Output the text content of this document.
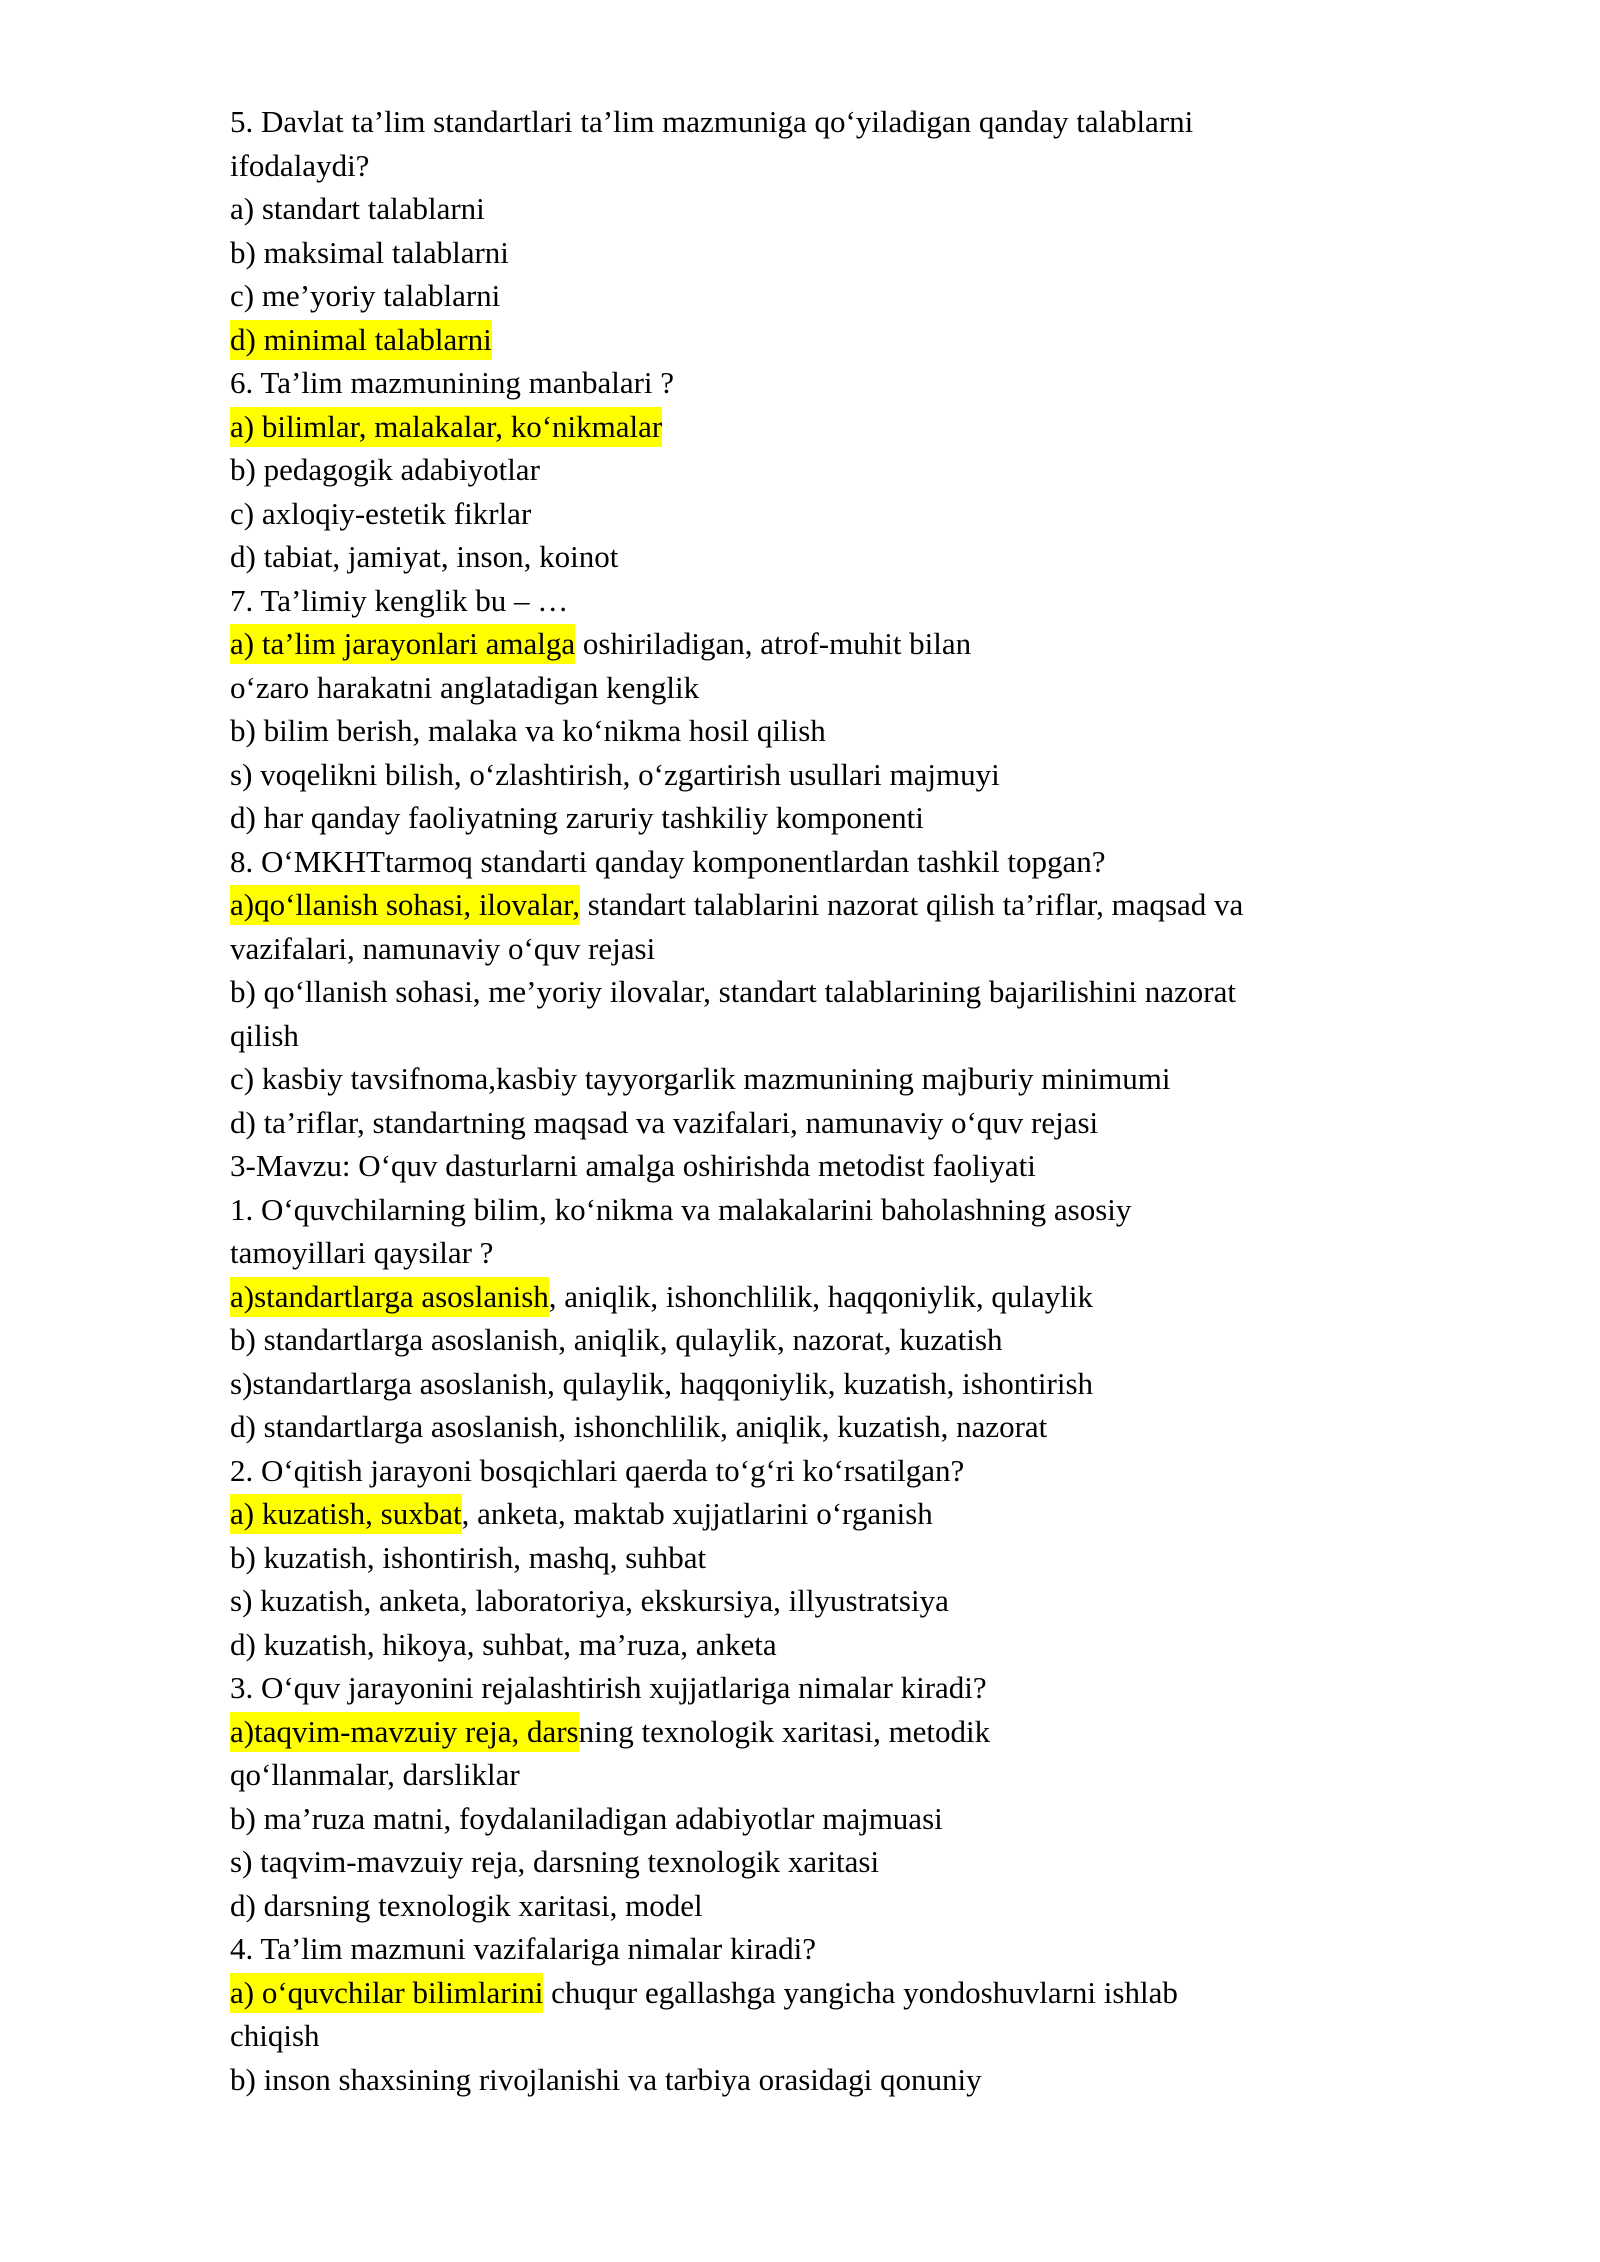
5. Davlat ta’lim standartlari ta’lim mazmuniga qo‘yiladigan qanday talablarni
ifodalaydi?
a) standart talablarni
b) maksimal talablarni
c) me’yoriy talablarni
d) minimal talablarni
6. Ta’lim mazmunining manbalari ?
a) bilimlar, malakalar, ko‘nikmalar
b) pedagogik adabiyotlar
c) axloqiy-estetik fikrlar
d) tabiat, jamiyat, inson, koinot
7. Ta’limiy kenglik bu – …
a) ta’lim jarayonlari amalga oshiriladigan, atrof-muhit bilan
o‘zaro harakatni anglatadigan kenglik
b) bilim berish, malaka va ko‘nikma hosil qilish
s) voqelikni bilish, o‘zlashtirish, o‘zgartirish usullari majmuyi
d) har qanday faoliyatning zaruriy tashkiliy komponenti
8. O‘MKHTtarmoq standarti qanday komponentlardan tashkil topgan?
a)qo‘llanish sohasi, ilovalar, standart talablarini nazorat qilish ta’riflar, maqsad va
vazifalari, namunaviy o‘quv rejasi
b) qo‘llanish sohasi, me’yoriy ilovalar, standart talablarining bajarilishini nazorat
qilish
c) kasbiy tavsifnoma,kasbiy tayyorgarlik mazmunining majburiy minimumi
d) ta’riflar, standartning maqsad va vazifalari, namunaviy o‘quv rejasi
3-Mavzu: O‘quv dasturlarni amalga oshirishda metodist faoliyati
1. O‘quvchilarning bilim, ko‘nikma va malakalarini baholashning asosiy
tamoyillari qaysilar ?
a)standartlarga asoslanish, aniqlik, ishonchlilik, haqqoniylik, qulaylik
b) standartlarga asoslanish, aniqlik, qulaylik, nazorat, kuzatish
s)standartlarga asoslanish, qulaylik, haqqoniylik, kuzatish, ishontirish
d) standartlarga asoslanish, ishonchlilik, aniqlik, kuzatish, nazorat
2. O‘qitish jarayoni bosqichlari qaerda to‘g‘ri ko‘rsatilgan?
a) kuzatish, suxbat, anketa, maktab xujjatlarini o‘rganish
b) kuzatish, ishontirish, mashq, suhbat
s) kuzatish, anketa, laboratoriya, ekskursiya, illyustratsiya
d) kuzatish, hikoya, suhbat, ma’ruza, anketa
3. O‘quv jarayonini rejalashtirish xujjatlariga nimalar kiradi?
a)taqvim-mavzuiy reja, darsning texnologik xaritasi, metodik
qo‘llanmalar, darsliklar
b) ma’ruza matni, foydalaniladigan adabiyotlar majmuasi
s) taqvim-mavzuiy reja, darsning texnologik xaritasi
d) darsning texnologik xaritasi, model
4. Ta’lim mazmuni vazifalariga nimalar kiradi?
a) o‘quvchilar bilimlarini chuqur egallashga yangicha yondoshuvlarni ishlab
chiqish
b) inson shaxsining rivojlanishi va tarbiya orasidagi qonuniy
